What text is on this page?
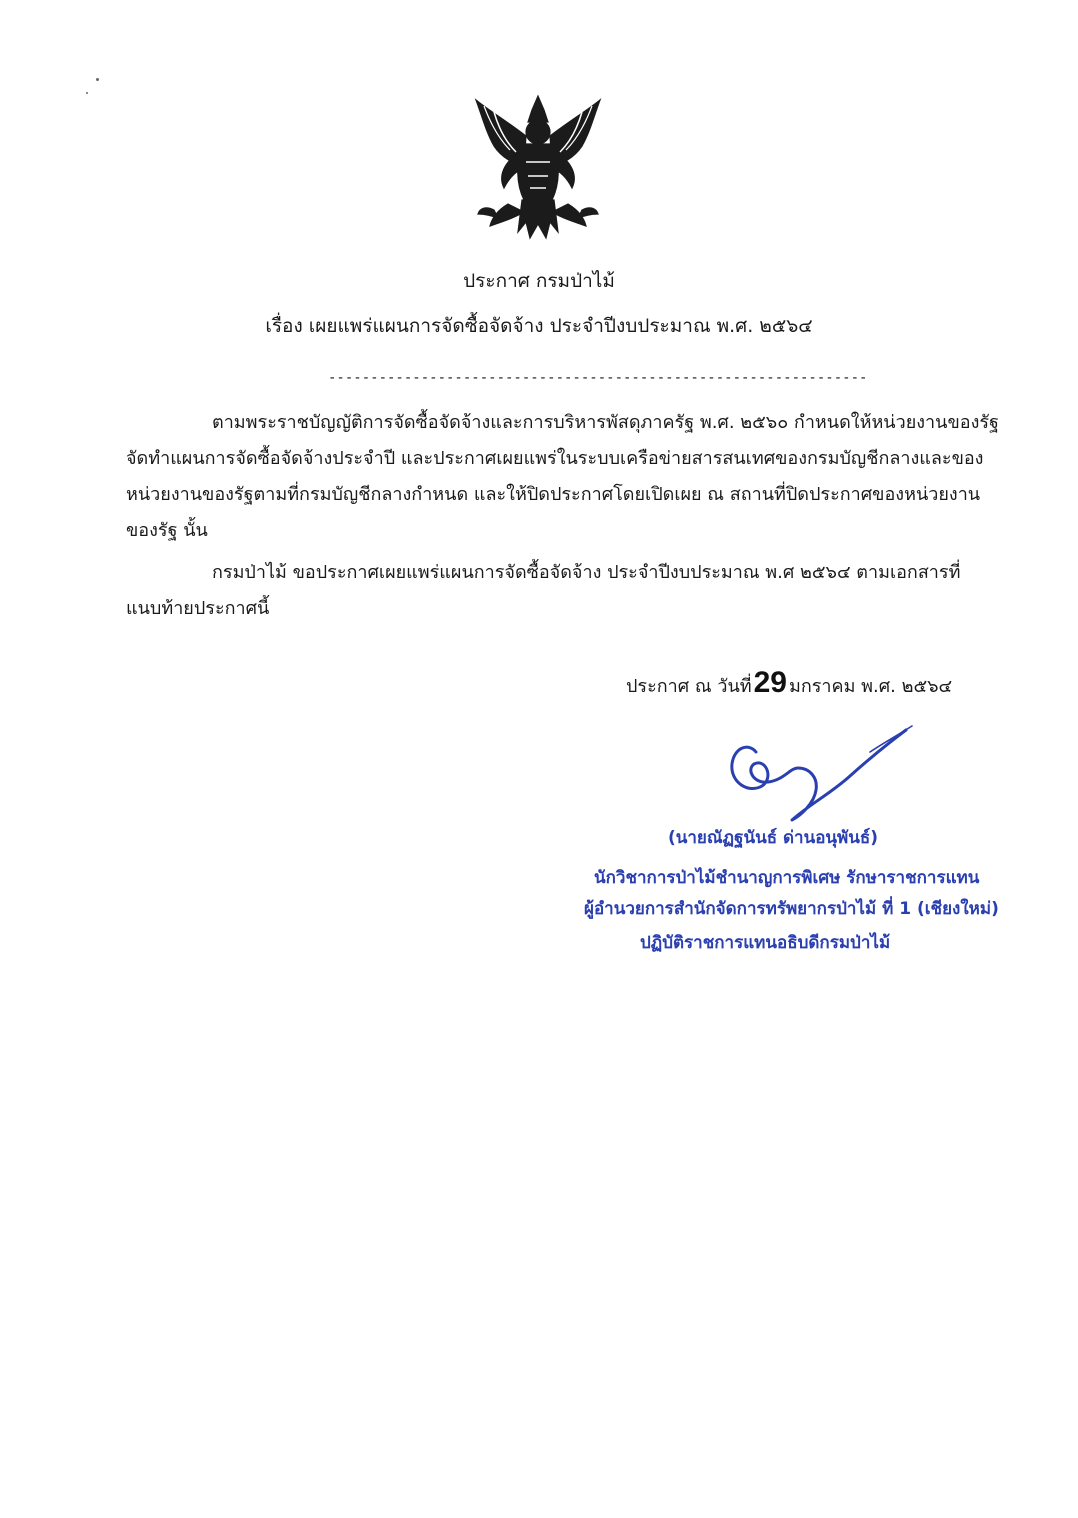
ประกาศ กรมป่าไม้
เรื่อง เผยแพร่แผนการจัดซื้อจัดจ้าง ประจำปีงบประมาณ พ.ศ. ๒๕๖๔
----------------------------------------------------------------
ตามพระราชบัญญัติการจัดซื้อจัดจ้างและการบริหารพัสดุภาครัฐ พ.ศ. ๒๕๖๐ กำหนดให้หน่วยงานของรัฐ
จัดทำแผนการจัดซื้อจัดจ้างประจำปี และประกาศเผยแพร่ในระบบเครือข่ายสารสนเทศของกรมบัญชีกลางและของ
หน่วยงานของรัฐตามที่กรมบัญชีกลางกำหนด และให้ปิดประกาศโดยเปิดเผย ณ สถานที่ปิดประกาศของหน่วยงาน
ของรัฐ นั้น
กรมป่าไม้ ขอประกาศเผยแพร่แผนการจัดซื้อจัดจ้าง ประจำปีงบประมาณ พ.ศ ๒๕๖๔ ตามเอกสารที่
แนบท้ายประกาศนี้
ประกาศ ณ วันที่ 29 มกราคม พ.ศ. ๒๕๖๔
(นายณัฏฐนันธ์ ด่านอนุพันธ์)
นักวิชาการป่าไม้ชำนาญการพิเศษ รักษาราชการแทน
ผู้อำนวยการสำนักจัดการทรัพยากรป่าไม้ ที่ 1 (เชียงใหม่)
ปฏิบัติราชการแทนอธิบดีกรมป่าไม้
